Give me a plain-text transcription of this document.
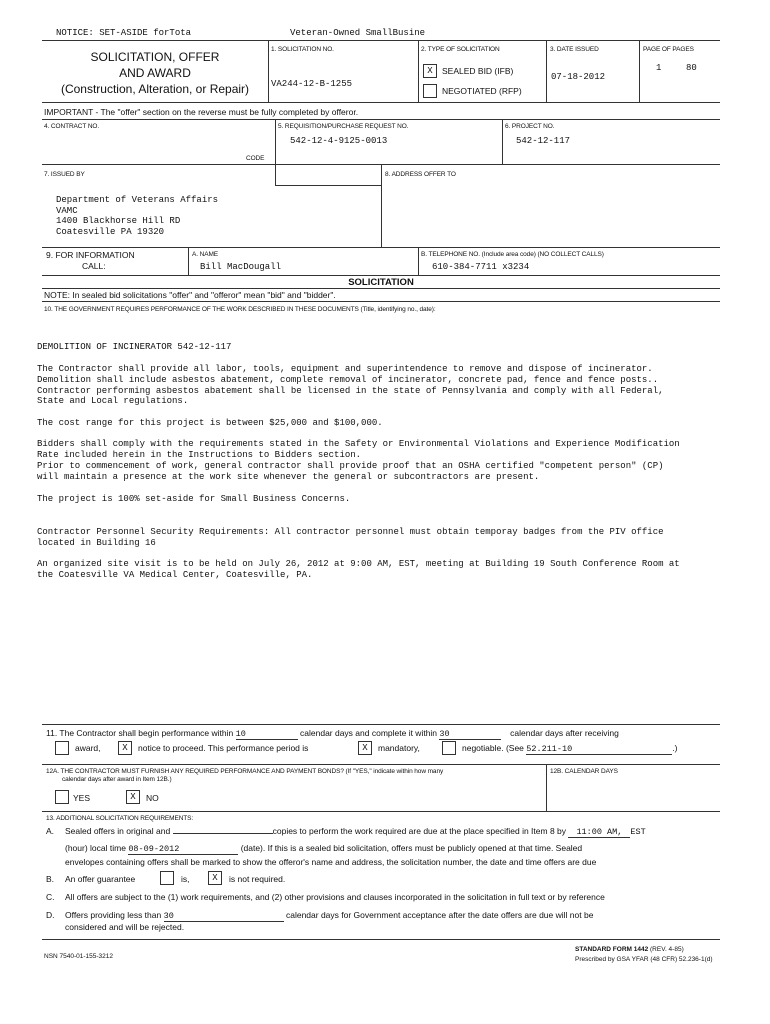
NOTICE: SET-ASIDE forTota	Veteran-Owned SmallBusine
SOLICITATION, OFFER
AND AWARD
(Construction, Alteration, or Repair)
1. SOLICITATION NO.
VA244-12-B-1255
2. TYPE OF SOLICITATION
X	SEALED BID (IFB)
NEGOTIATED (RFP)
3. DATE ISSUED
07-18-2012
PAGE OF PAGES
1	80
IMPORTANT - The "offer" section on the reverse must be fully completed by offeror.
4. CONTRACT NO.	5. REQUISITION/PURCHASE REQUEST NO.
542-12-4-9125-0013
6. PROJECT NO.
542-12-117
CODE
7. ISSUED BY
Department of Veterans Affairs
VAMC
1400 Blackhorse Hill RD
Coatesville PA 19320
8. ADDRESS OFFER TO
9. FOR INFORMATION
CALL:
A. NAME
Bill MacDougall
B. TELEPHONE NO. (Include area code) (NO COLLECT CALLS)
610-384-7711 x3234
SOLICITATION
NOTE: In sealed bid solicitations "offer" and "offeror" mean "bid" and "bidder".
10. THE GOVERNMENT REQUIRES PERFORMANCE OF THE WORK DESCRIBED IN THESE DOCUMENTS (Title, identifying no., date):
DEMOLITION OF INCINERATOR 542-12-117
The Contractor shall provide all labor, tools, equipment and superintendence to remove and dispose of incinerator.
Demolition shall include asbestos abatement, complete removal of incinerator, concrete pad, fence and fence posts..
Contractor performing asbestos abatement shall be licensed in the state of Pennsylvania and comply with all Federal,
State and Local regulations.
The cost range for this project is between $25,000 and $100,000.
Bidders shall comply with the requirements stated in the Safety or Environmental Violations and Experience Modification
Rate included herein in the Instructions to Bidders section.
Prior to commencement of work, general contractor shall provide proof that an OSHA certified "competent person" (CP)
will maintain a presence at the work site whenever the general or subcontractors are present.
The project is 100% set-aside for Small Business Concerns.
Contractor Personnel Security Requirements: All contractor personnel must obtain temporay badges from the PIV office
located in Building 16
An organized site visit is to be held on July 26, 2012 at 9:00 AM, EST, meeting at Building 19 South Conference Room at
the Coatesville VA Medical Center, Coatesville, PA.
11. The Contractor shall begin performance within 10	calendar days and complete it within 30	calendar days after receiving
award,	X	notice to proceed. This performance period is	X	mandatory,	negotiable. (See 52.211-10	.)
12A. THE CONTRACTOR MUST FURNISH ANY REQUIRED PERFORMANCE AND PAYMENT BONDS? (If "YES," indicate within how many
calendar days after award in Item 12B.)
12B. CALENDAR DAYS
YES	X	NO
13. ADDITIONAL SOLICITATION REQUIREMENTS:
A. Sealed offers in original and	copies to perform the work required are due at the place specified in Item 8 by 11:00 AM, EST
(hour) local time 08-09-2012	(date). If this is a sealed bid solicitation, offers must be publicly opened at that time. Sealed
envelopes containing offers shall be marked to show the offeror's name and address, the solicitation number, the date and time offers are due
B. An offer guarantee	is,	X	is not required.
C. All offers are subject to the (1) work requirements, and (2) other provisions and clauses incorporated in the solicitation in full text or by reference
D. Offers providing less than 30	calendar days for Government acceptance after the date offers are due will not be
considered and will be rejected.
NSN 7540-01-155-3212
STANDARD FORM 1442 (REV. 4-85)
Prescribed by GSA YFAR (48 CFR) 52.236-1(d)
